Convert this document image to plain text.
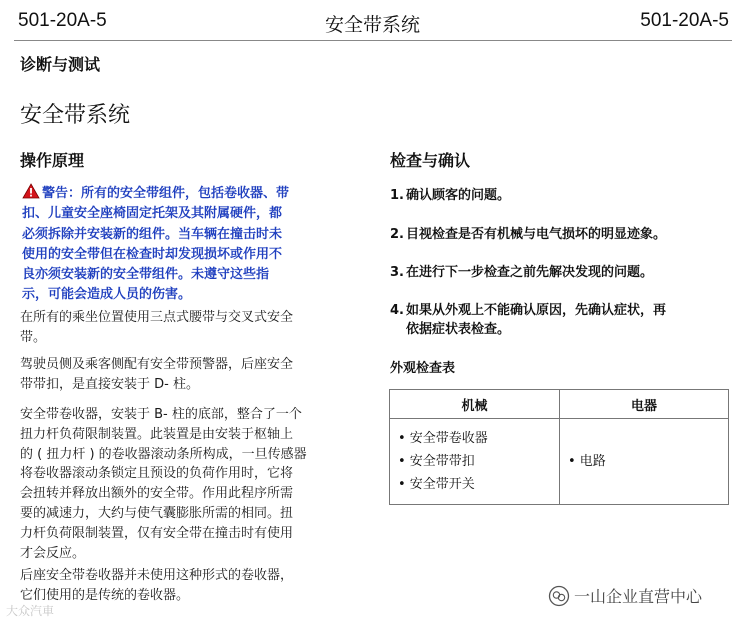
501-20A-5	安全带系统	501-20A-5
诊断与测试
安全带系统
操作原理
警告：所有的安全带组件，包括卷收器、带
扣、儿童安全座椅固定托架及其附属硬件，都
必须拆除并安装新的组件。当车辆在撞击时未
使用的安全带但在检查时却发现损坏或作用不
良亦须安装新的安全带组件。未遵守这些指
示，可能会造成人员的伤害。
在所有的乘坐位置使用三点式腰带与交叉式安全
带。
驾驶员侧及乘客侧配有安全带预警器，后座安全
带带扣，是直接安装于 D- 柱。
安全带卷收器，安装于 B- 柱的底部，整合了一个
扭力杆负荷限制装置。此装置是由安装于枢轴上
的 ( 扭力杆 ) 的卷收器滚动条所构成，一旦传感器
将卷收器滚动条锁定且预设的负荷作用时，它将
会扭转并释放出额外的安全带。作用此程序所需
要的减速力，大约与使气囊膨胀所需的相同。扭
力杆负荷限制装置，仅有安全带在撞击时有使用
才会反应。
后座安全带卷收器并未使用这种形式的卷收器，
它们使用的是传统的卷收器。
检查与确认
1. 确认顾客的问题。
2. 目视检查是否有机械与电气损坏的明显迹象。
3. 在进行下一步检查之前先解决发现的问题。
4. 如果从外观上不能确认原因，先确认症状，再
依据症状表检查。
外观检查表
机械	电器

• 安全带卷收器
• 安全带带扣
• 安全带开关	• 电路
大众汽車
一山企业直营中心
